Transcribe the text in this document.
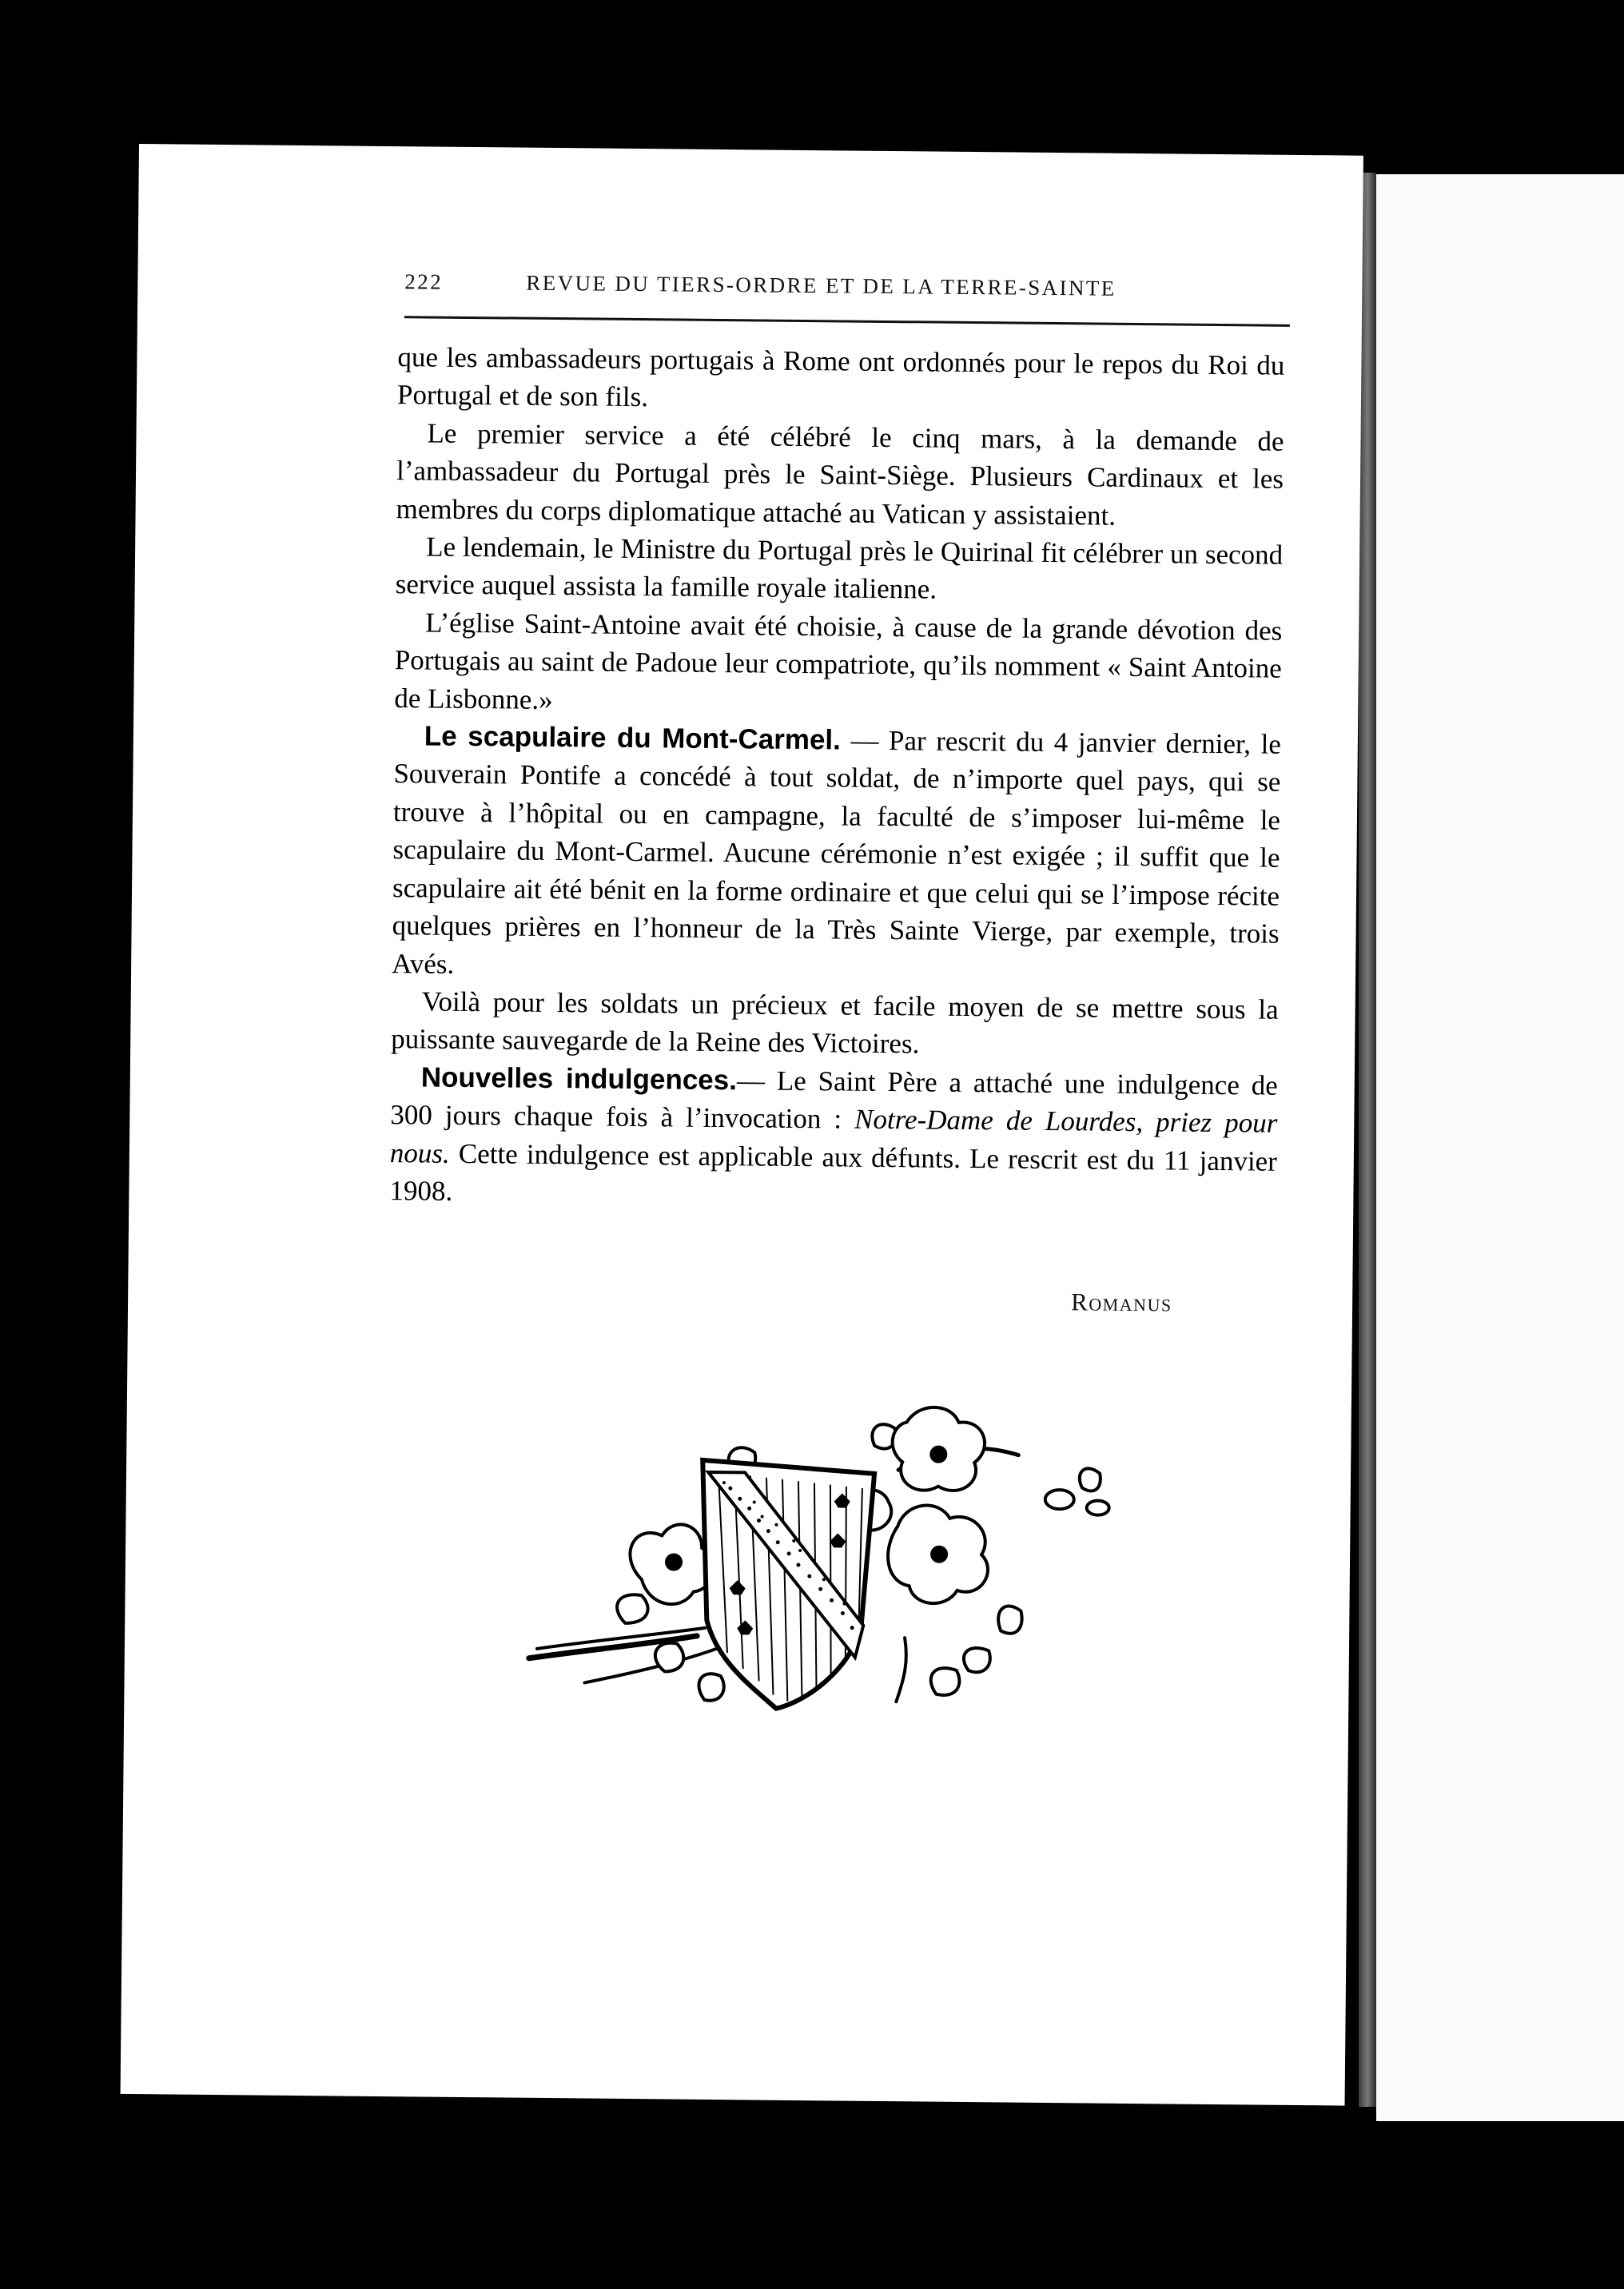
222	REVUE DU TIERS-ORDRE ET DE LA TERRE-SAINTE

que les ambassadeurs portugais à Rome ont ordonnés pour le repos du Roi du Portugal et de son fils.

Le premier service a été célébré le cinq mars, à la demande de l’ambassadeur du Portugal près le Saint-Siège. Plusieurs Cardinaux et les membres du corps diplomatique attaché au Vatican y assistaient.

Le lendemain, le Ministre du Portugal près le Quirinal fit célébrer un second service auquel assista la famille royale italienne.

L’église Saint-Antoine avait été choisie, à cause de la grande dévotion des Portugais au saint de Padoue leur compatriote, qu’ils nomment « Saint Antoine de Lisbonne.»

Le scapulaire du Mont-Carmel. — Par rescrit du 4 janvier dernier, le Souverain Pontife a concédé à tout soldat, de n’importe quel pays, qui se trouve à l’hôpital ou en campagne, la faculté de s’imposer lui-même le scapulaire du Mont-Carmel. Aucune cérémonie n’est exigée ; il suffit que le scapulaire ait été bénit en la forme ordinaire et que celui qui se l’impose récite quelques prières en l’honneur de la Très Sainte Vierge, par exemple, trois Avés.

Voilà pour les soldats un précieux et facile moyen de se mettre sous la puissante sauvegarde de la Reine des Victoires.

Nouvelles indulgences.— Le Saint Père a attaché une indulgence de 300 jours chaque fois à l’invocation : Notre-Dame de Lourdes, priez pour nous. Cette indulgence est applicable aux défunts. Le rescrit est du 11 janvier 1908.

Romanus
